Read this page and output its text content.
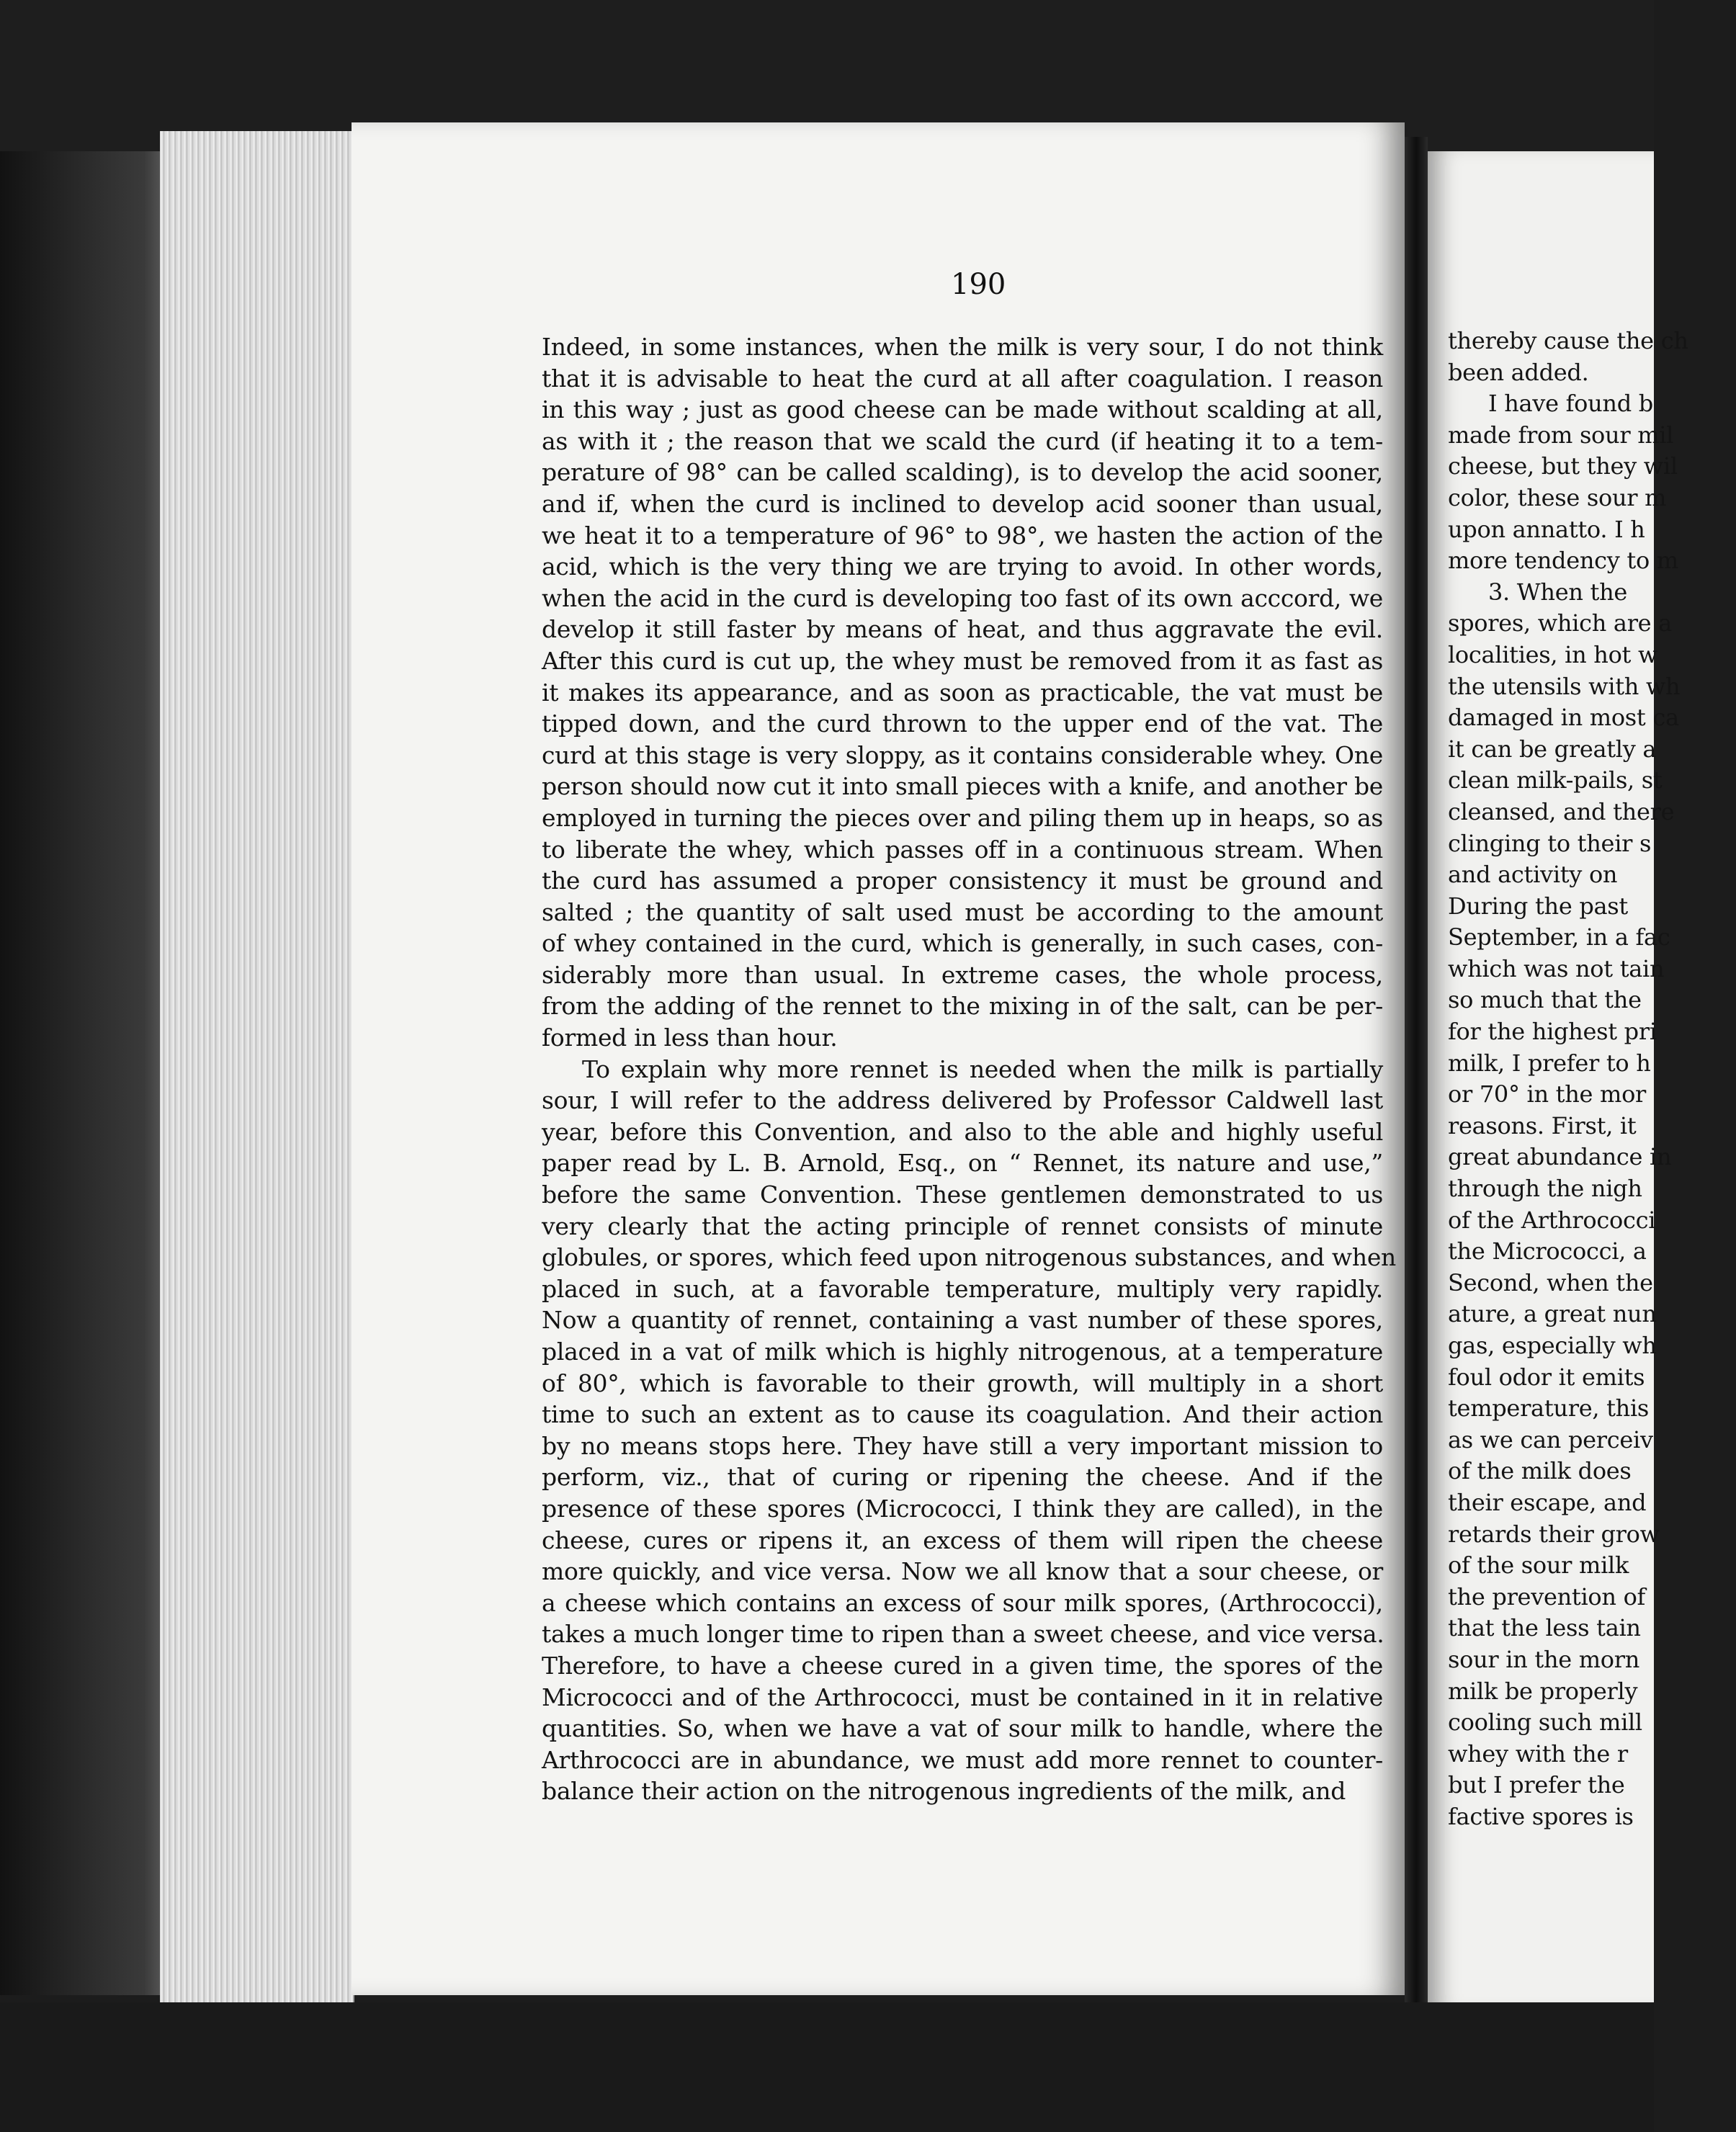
190
Indeed, in some instances, when the milk is very sour, I do not think
that it is advisable to heat the curd at all after coagulation. I reason
in this way ; just as good cheese can be made without scalding at all,
as with it ; the reason that we scald the curd (if heating it to a tem-
perature of 98° can be called scalding), is to develop the acid sooner,
and if, when the curd is inclined to develop acid sooner than usual,
we heat it to a temperature of 96° to 98°, we hasten the action of the
acid, which is the very thing we are trying to avoid. In other words,
when the acid in the curd is developing too fast of its own acccord, we
develop it still faster by means of heat, and thus aggravate the evil.
After this curd is cut up, the whey must be removed from it as fast as
it makes its appearance, and as soon as practicable, the vat must be
tipped down, and the curd thrown to the upper end of the vat. The
curd at this stage is very sloppy, as it contains considerable whey. One
person should now cut it into small pieces with a knife, and another be
employed in turning the pieces over and piling them up in heaps, so as
to liberate the whey, which passes off in a continuous stream. When
the curd has assumed a proper consistency it must be ground and
salted ; the quantity of salt used must be according to the amount
of whey contained in the curd, which is generally, in such cases, con-
siderably more than usual. In extreme cases, the whole process,
from the adding of the rennet to the mixing in of the salt, can be per-
formed in less than hour.
To explain why more rennet is needed when the milk is partially
sour, I will refer to the address delivered by Professor Caldwell last
year, before this Convention, and also to the able and highly useful
paper read by L. B. Arnold, Esq., on “ Rennet, its nature and use,”
before the same Convention. These gentlemen demonstrated to us
very clearly that the acting principle of rennet consists of minute
globules, or spores, which feed upon nitrogenous substances, and when
placed in such, at a favorable temperature, multiply very rapidly.
Now a quantity of rennet, containing a vast number of these spores,
placed in a vat of milk which is highly nitrogenous, at a temperature
of 80°, which is favorable to their growth, will multiply in a short
time to such an extent as to cause its coagulation. And their action
by no means stops here. They have still a very important mission to
perform, viz., that of curing or ripening the cheese. And if the
presence of these spores (Micrococci, I think they are called), in the
cheese, cures or ripens it, an excess of them will ripen the cheese
more quickly, and vice versa. Now we all know that a sour cheese, or
a cheese which contains an excess of sour milk spores, (Arthrococci),
takes a much longer time to ripen than a sweet cheese, and vice versa.
Therefore, to have a cheese cured in a given time, the spores of the
Micrococci and of the Arthrococci, must be contained in it in relative
quantities. So, when we have a vat of sour milk to handle, where the
Arthrococci are in abundance, we must add more rennet to counter-
balance their action on the nitrogenous ingredients of the milk, and
thereby cause the ch
been added.
I have found b
made from sour mil
cheese, but they wil
color, these sour m
upon annatto. I h
more tendency to m
3. When the
spores, which are a
localities, in hot w
the utensils with wh
damaged in most ca
it can be greatly a
clean milk-pails, st
cleansed, and there
clinging to their s
and activity on
During the past
September, in a fac
which was not tain
so much that the
for the highest pri
milk, I prefer to h
or 70° in the mor
reasons. First, it
great abundance in
through the nigh
of the Arthrococci
the Micrococci, a
Second, when the
ature, a great nun
gas, especially wh
foul odor it emits
temperature, this
as we can perceiv
of the milk does
their escape, and
retards their grow
of the sour milk
the prevention of
that the less tain
sour in the morn
milk be properly
cooling such mill
whey with the r
but I prefer the
factive spores is
